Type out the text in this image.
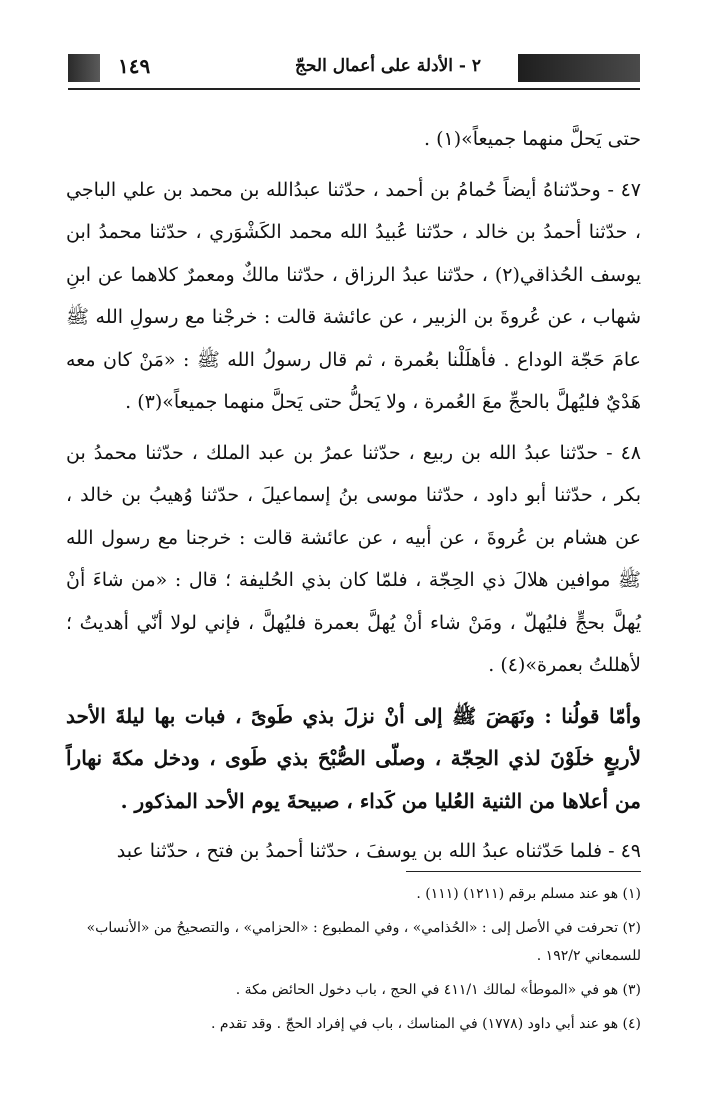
١٤٩	٢ - الأدلة على أعمال الحجّ

حتى يَحلَّ منهما جميعاً»(١) .

٤٧ - وحدّثناهُ أيضاً حُمامُ بن أحمد ، حدّثنا عبدُالله بن محمد بن علي الباجي ، حدّثنا أحمدُ بن خالد ، حدّثنا عُبيدُ الله محمد الكَشْوَري ، حدّثنا محمدُ ابن يوسف الحُذاقي(٢) ، حدّثنا عبدُ الرزاق ، حدّثنا مالكٌ ومعمرٌ كلاهما عن ابنِ شهاب ، عن عُروةَ بن الزبير ، عن عائشة قالت : خرجْنا مع رسولِ الله ﷺ عامَ حَجّة الوداع . فأهلَلْنا بعُمرة ، ثم قال رسولُ الله ﷺ : «مَنْ كان معه هَدْيٌ فليُهلَّ بالحجِّ معَ العُمرة ، ولا يَحلُّ حتى يَحلَّ منهما جميعاً»(٣) .

٤٨ - حدّثنا عبدُ الله بن ربيع ، حدّثنا عمرُ بن عبد الملك ، حدّثنا محمدُ بن بكر ، حدّثنا أبو داود ، حدّثنا موسى بنُ إسماعيلَ ، حدّثنا وُهيبُ بن خالد ، عن هشام بن عُروةَ ، عن أبيه ، عن عائشة قالت : خرجنا مع رسول الله ﷺ موافين هلالَ ذي الحِجّة ، فلمّا كان بذي الحُليفة ؛ قال : «من شاءَ أنْ يُهلَّ بحجٍّ فليُهلّ ، ومَنْ شاء أنْ يُهلَّ بعمرة فليُهلَّ ، فإني لولا أنّي أهديتُ ؛ لأهللتُ بعمرة»(٤) .

وأمّا قولُنا : ونَهَضَ ﷺ إلى أنْ نزلَ بذي طَوىً ، فبات بها ليلةَ الأحد لأربعٍ خلَوْنَ لذي الحِجّة ، وصلّى الصُّبْحَ بذي طَوى ، ودخل مكةَ نهاراً من أعلاها من الثنية العُليا من كَداء ، صبيحةَ يوم الأحد المذكور .

٤٩ - فلما حَدّثناه عبدُ الله بن يوسفَ ، حدّثنا أحمدُ بن فتح ، حدّثنا عبد

(١) هو عند مسلم برقم (١٢١١) (١١١) .

(٢) تحرفت في الأصل إلى : «الحُذامي» ، وفي المطبوع : «الحزامي» ، والتصحيحُ من «الأنساب» للسمعاني ١٩٢/٢ .

(٣) هو في «الموطأ» لمالك ٤١١/١ في الحج ، باب دخول الحائض مكة .

(٤) هو عند أبي داود (١٧٧٨) في المناسك ، باب في إفراد الحجّ . وقد تقدم .
